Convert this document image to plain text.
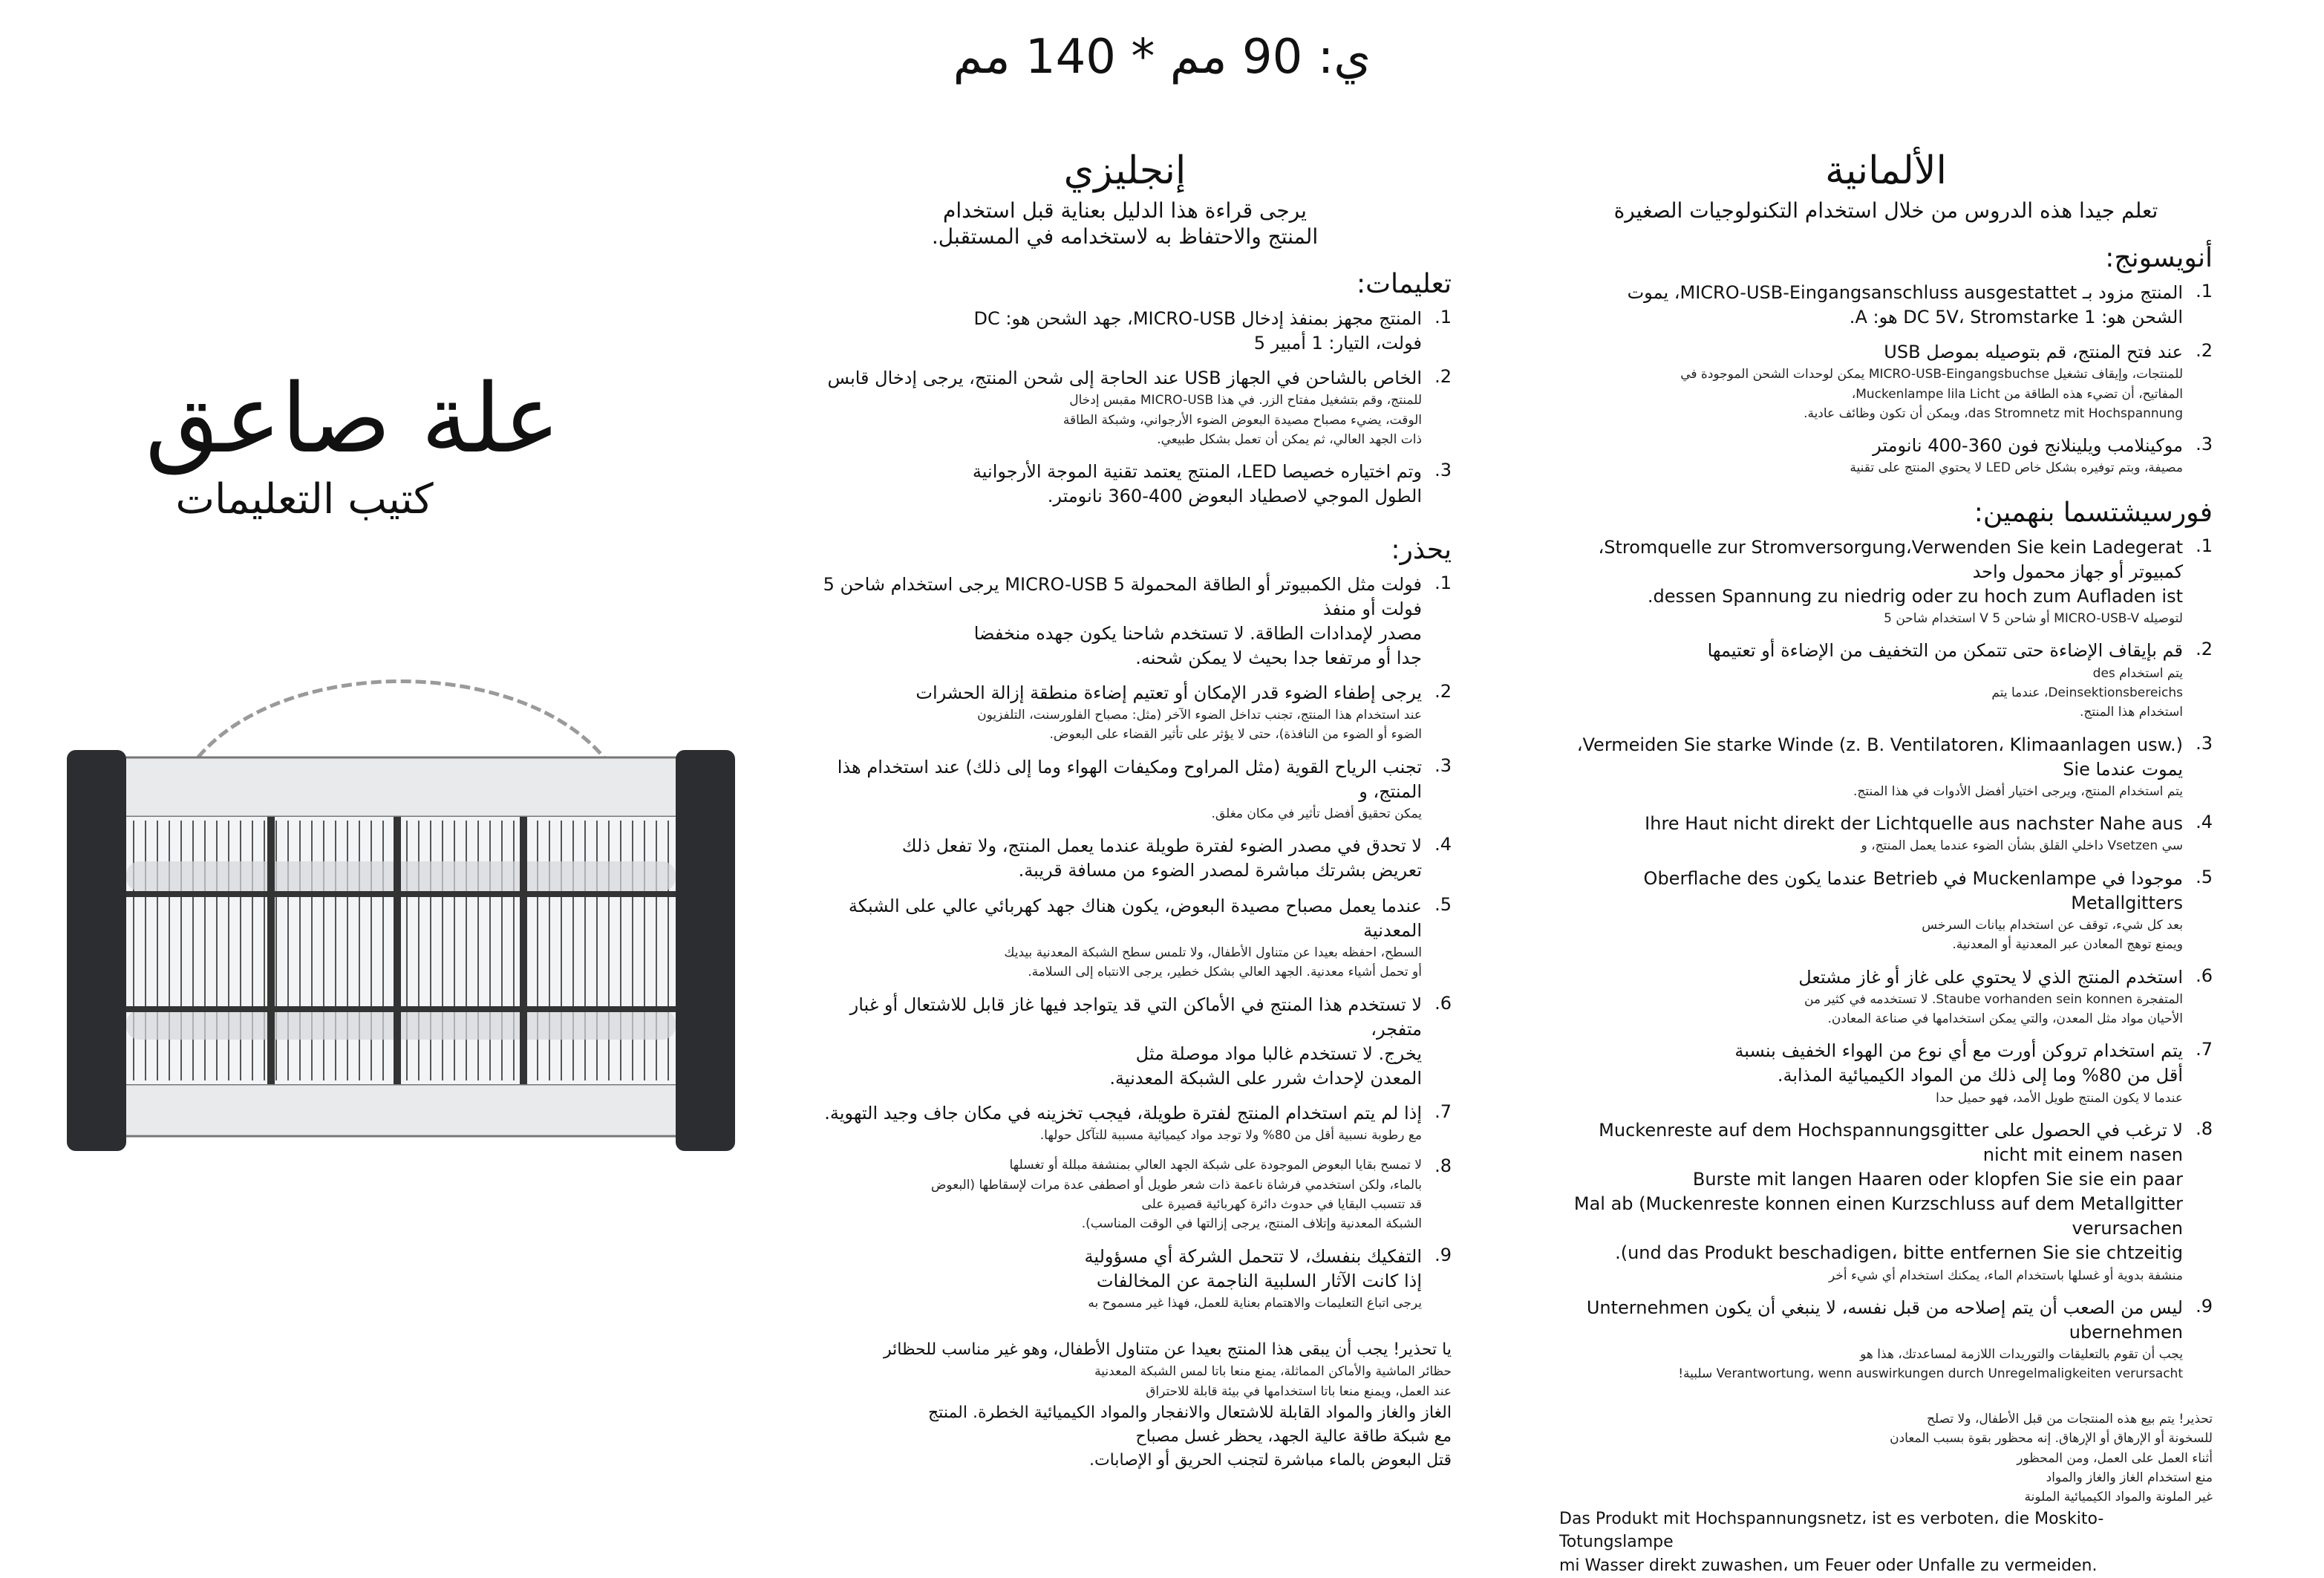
ي: 90 مم * 140 مم
علة صاعق
كتيب التعليمات
إنجليزي
يرجى قراءة هذا الدليل بعناية قبل استخدام
المنتج والاحتفاظ به لاستخدامه في المستقبل.
تعليمات:
1.
المنتج مجهز بمنفذ إدخال MICRO-USB، جهد الشحن هو: DC
فولت، التيار: 1 أمبير 5
2.
الخاص بالشاحن في الجهاز USB عند الحاجة إلى شحن المنتج، يرجى إدخال قابس
للمنتج، وقم بتشغيل مفتاح الزر. في هذا MICRO-USB مقبس إدخال
الوقت، يضيء مصباح مصيدة البعوض الضوء الأرجواني، وشبكة الطاقة
ذات الجهد العالي، ثم يمكن أن تعمل بشكل طبيعي.
3.
وتم اختياره خصيصا LED، المنتج يعتمد تقنية الموجة الأرجوانية
الطول الموجي لاصطياد البعوض 400-360 نانومتر.
يحذر:
1.
فولت مثل الكمبيوتر أو الطاقة المحمولة MICRO-USB 5 يرجى استخدام شاحن 5 فولت أو منفذ
مصدر لإمدادات الطاقة. لا تستخدم شاحنا يكون جهده منخفضا
جدا أو مرتفعا جدا بحيث لا يمكن شحنه.
2.
يرجى إطفاء الضوء قدر الإمكان أو تعتيم إضاءة منطقة إزالة الحشرات
عند استخدام هذا المنتج، تجنب تداخل الضوء الآخر (مثل: مصباح الفلورسنت، التلفزيون
الضوء أو الضوء من النافذة)، حتى لا يؤثر على تأثير القضاء على البعوض.
3.
تجنب الرياح القوية (مثل المراوح ومكيفات الهواء وما إلى ذلك) عند استخدام هذا المنتج، و
يمكن تحقيق أفضل تأثير في مكان مغلق.
4.
لا تحدق في مصدر الضوء لفترة طويلة عندما يعمل المنتج، ولا تفعل ذلك
تعريض بشرتك مباشرة لمصدر الضوء من مسافة قريبة.
5.
عندما يعمل مصباح مصيدة البعوض، يكون هناك جهد كهربائي عالي على الشبكة المعدنية
السطح، احفظه بعيدا عن متناول الأطفال، ولا تلمس سطح الشبكة المعدنية بيديك
أو تحمل أشياء معدنية. الجهد العالي بشكل خطير، يرجى الانتباه إلى السلامة.
6.
لا تستخدم هذا المنتج في الأماكن التي قد يتواجد فيها غاز قابل للاشتعال أو غبار متفجر،
يخرج. لا تستخدم غالبا مواد موصلة مثل
المعدن لإحداث شرر على الشبكة المعدنية.
7.
إذا لم يتم استخدام المنتج لفترة طويلة، فيجب تخزينه في مكان جاف وجيد التهوية.
مع رطوبة نسبية أقل من 80% ولا توجد مواد كيميائية مسببة للتآكل حولها.
8.
لا تمسح بقايا البعوض الموجودة على شبكة الجهد العالي بمنشفة مبللة أو تغسلها
بالماء، ولكن استخدمي فرشاة ناعمة ذات شعر طويل أو اصطفى عدة مرات لإسقاطها (البعوض
قد تتسبب البقايا في حدوث دائرة كهربائية قصيرة على
الشبكة المعدنية وإتلاف المنتج، يرجى إزالتها في الوقت المناسب).
9.
التفكيك بنفسك، لا تتحمل الشركة أي مسؤولية
إذا كانت الآثار السلبية الناجمة عن المخالفات
يرجى اتباع التعليمات والاهتمام بعناية للعمل، فهذا غير مسموح به
يا تحذير! يجب أن يبقى هذا المنتج بعيدا عن متناول الأطفال، وهو غير مناسب للحظائر
حظائر الماشية والأماكن المماثلة، يمنع منعا باتا لمس الشبكة المعدنية
عند العمل، ويمنع منعا باتا استخدامها في بيئة قابلة للاحتراق
الغاز والغاز والمواد القابلة للاشتعال والانفجار والمواد الكيميائية الخطرة. المنتج
مع شبكة طاقة عالية الجهد، يحظر غسل مصباح
قتل البعوض بالماء مباشرة لتجنب الحريق أو الإصابات.
الألمانية
تعلم جيدا هذه الدروس من خلال استخدام التكنولوجيات الصغيرة
أنويسونج:
1.
المنتج مزود بـ MICRO-USB-Eingangsanschluss ausgestattet، يموت
الشحن هو: DC 5V، Stromstarke 1 هو: A.
2.
عند فتح المنتج، قم بتوصيله بموصل USB
للمنتجات، وإيقاف تشغيل MICRO-USB-Eingangsbuchse يمكن لوحدات الشحن الموجودة في
المفاتيح، أن تضيء هذه الطاقة من Muckenlampe lila Licht،
das Stromnetz mit Hochspannung، ويمكن أن تكون وظائف عادية.
3.
موكينلامب ويلينلانج فون 360-400 نانومتر
مصيفة، وبتم توفيره بشكل خاص LED لا يحتوي المنتج على تقنية
فورسيشتسما بنهمين:
1.
Stromquelle zur Stromversorgung،Verwenden Sie kein Ladegerat، كمبيوتر أو جهاز محمول واحد
dessen Spannung zu niedrig oder zu hoch zum Aufladen ist.
لتوصيله MICRO-USB-V أو شاحن 5 V استخدام شاحن 5
2.
قم بإيقاف الإضاءة حتى تتمكن من التخفيف من الإضاءة أو تعتيمها
يتم استخدام des
Deinsektionsbereichs، عندما يتم
استخدام هذا المنتج.
3.
Vermeiden Sie starke Winde (z. B. Ventilatoren، Klimaanlagen usw.)، يموت عندما Sie
يتم استخدام المنتج، ويرجى اختيار أفضل الأدوات في هذا المنتج.
4.
Ihre Haut nicht direkt der Lichtquelle aus nachster Nahe aus
سي Vsetzen داخلي القلق بشأن الضوء عندما يعمل المنتج، و
5.
موجودا في Muckenlampe في Betrieb عندما يكون Oberflache des Metallgitters
بعد كل شيء، توقف عن استخدام بيانات السرخس
ويمنع توهج المعادن عبر المعدنية أو المعدنية.
6.
استخدم المنتج الذي لا يحتوي على غاز أو غاز مشتعل
المتفجرة Staube vorhanden sein konnen. لا تستخدمه في كثير من
الأحيان مواد مثل المعدن، والتي يمكن استخدامها في صناعة المعادن.
7.
يتم استخدام تروكن أورت مع أي نوع من الهواء الخفيف بنسبة
أقل من 80% وما إلى ذلك من المواد الكيميائية المذابة.
عندما لا يكون المنتج طويل الأمد، فهو حميل حدا
8.
لا ترغب في الحصول على Muckenreste auf dem Hochspannungsgitter nicht mit einem nasen
Burste mit langen Haaren oder klopfen Sie sie ein paar
Mal ab (Muckenreste konnen einen Kurzschluss auf dem Metallgitter verursachen
und das Produkt beschadigen، bitte entfernen Sie sie chtzeitig).
منشفة بدوية أو غسلها باستخدام الماء، يمكنك استخدام أي شيء أخر
9.
ليس من الصعب أن يتم إصلاحه من قبل نفسه، لا ينبغي أن يكون Unternehmen ubernehmen
يجب أن تقوم بالتعليقات والتوريدات اللازمة لمساعدتك، هذا هو
Verantwortung، wenn auswirkungen durch Unregelmaligkeiten verursacht سلبية!
تحذير! يتم بيع هذه المنتجات من قبل الأطفال، ولا تصلح
للسخونة أو الإرهاق أو الإرهاق. إنه محظور بقوة بسبب المعادن
أثناء العمل على العمل، ومن المحظور
منع استخدام الغاز والغاز والمواد
غير الملونة والمواد الكيميائية الملونة
Das Produkt mit Hochspannungsnetz، ist es verboten، die Moskito- Totungslampe
mi Wasser direkt zuwashen، um Feuer oder Unfalle zu vermeiden.
